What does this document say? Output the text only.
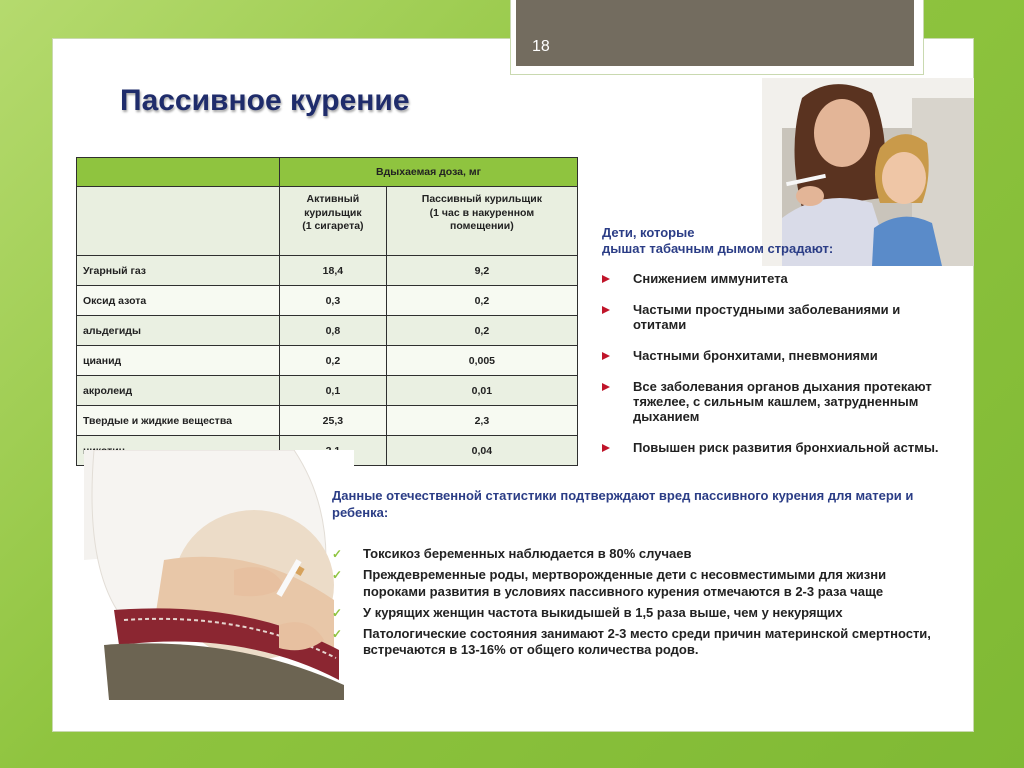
18
Пассивное курение
	Вдыхаемая доза, мг	
	Активный
курильщик
(1 сигарета)	Пассивный курильщик
(1 час в накуренном
помещении)
Угарный газ	18,4	9,2
Оксид азота	0,3	0,2
альдегиды	0,8	0,2
цианид	0,2	0,005
акролеид	0,1	0,01
Твердые и жидкие вещества	25,3	2,3
		0,04
Дети, которые
дышат табачным дымом страдают:
Снижением иммунитета
Частыми простудными заболеваниями и отитами
Частными бронхитами, пневмониями
Все заболевания органов дыхания протекают тяжелее, с сильным кашлем, затрудненным дыханием
Повышен риск развития бронхиальной астмы.

Данные отечественной статистики подтверждают вред пассивного курения для матери и ребенка:

✓ Токсикоз беременных наблюдается в 80% случаев
✓ Преждевременные роды, мертворожденные дети с несовместимыми для жизни пороками развития в условиях пассивного курения отмечаются в 2-3 раза чаще
✓ У курящих женщин частота выкидышей в 1,5 раза выше, чем у некурящих
✓ Патологические состояния занимают 2-3 место среди причин материнской смертности, встречаются в 13-16% от общего количества родов.
